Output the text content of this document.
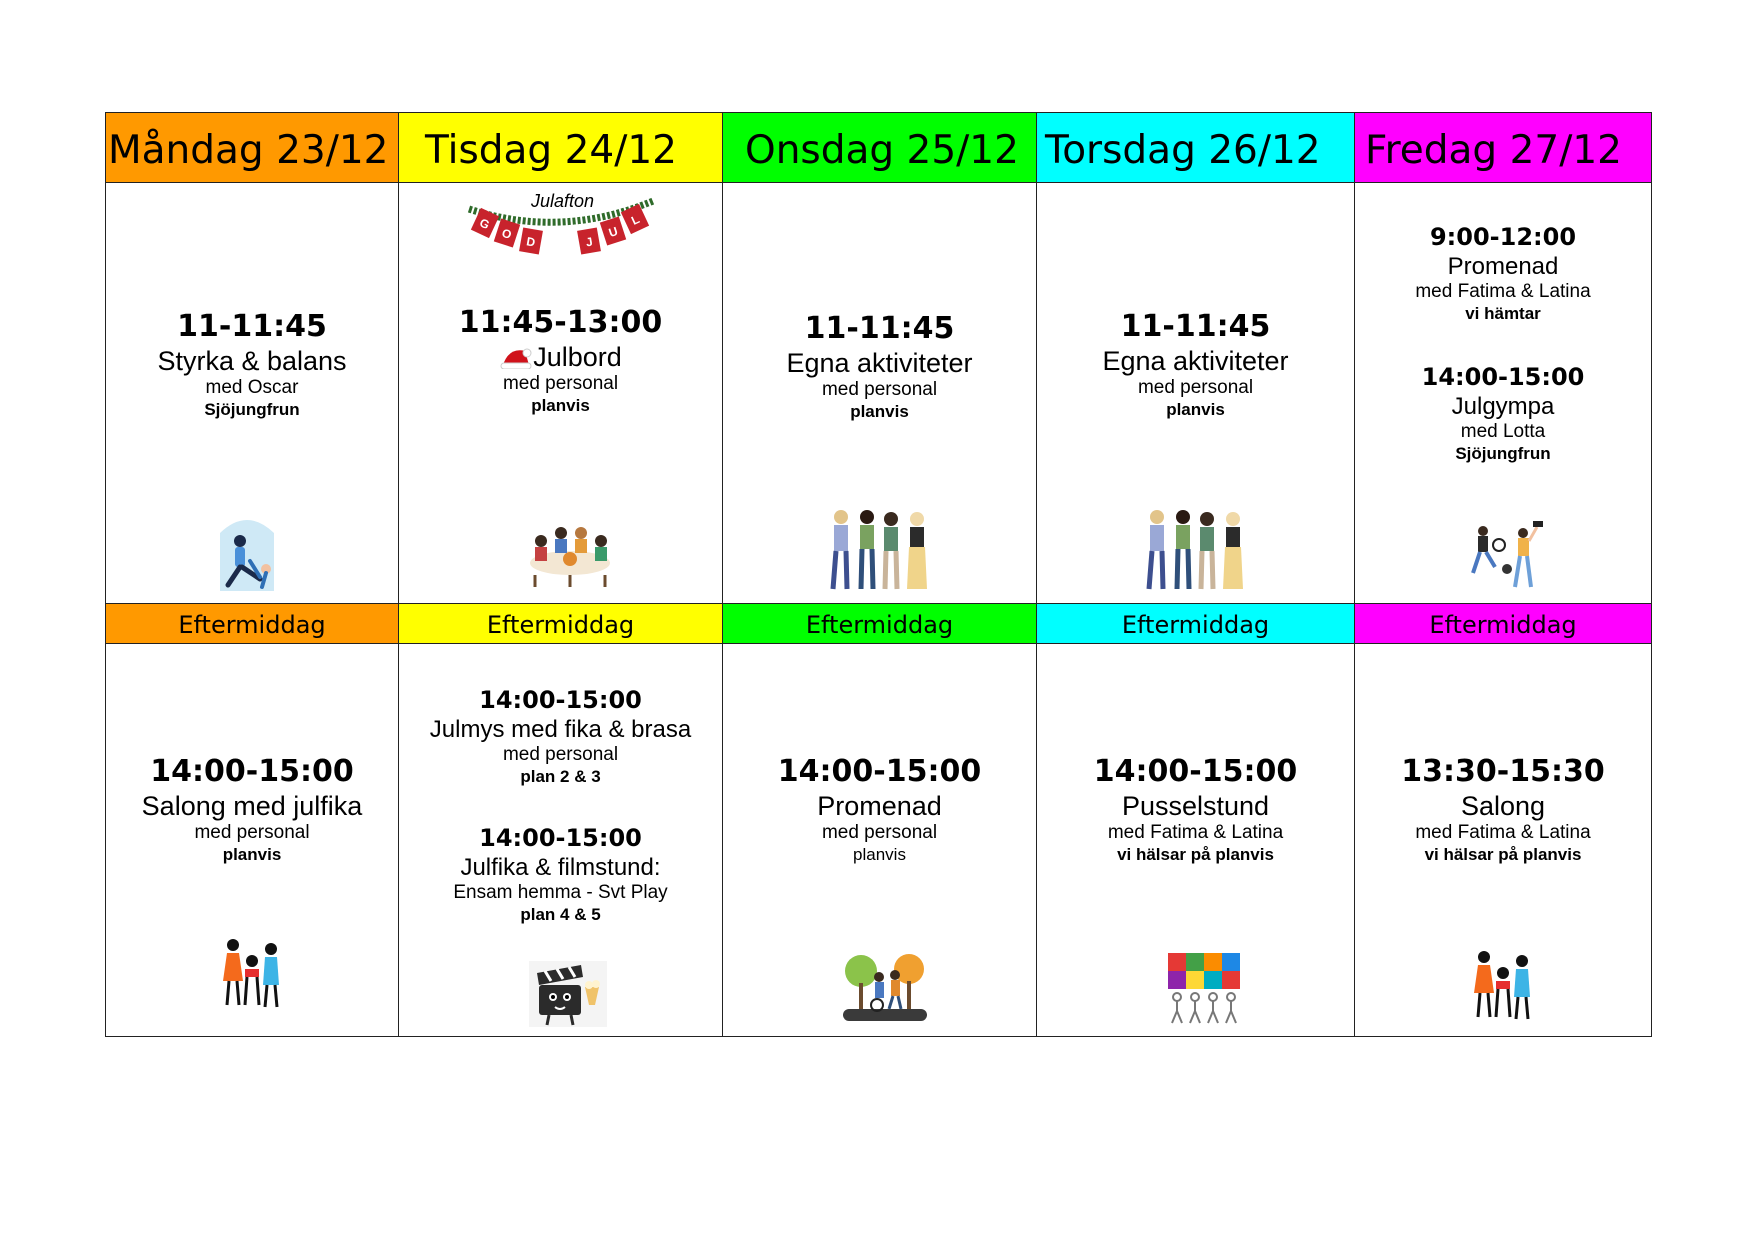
Måndag 23/12
11-11:45
Styrka & balans
med Oscar
Sjöjungfrun
Eftermiddag
14:00-15:00
Salong med julfika
med personal
planvis
Tisdag 24/12
Julafton
G
O D	J
U
L
11:45-13:00
Julbord
med personal
planvis
Eftermiddag
14:00-15:00
Julmys med fika & brasa
med personal
plan 2 & 3
14:00-15:00
Julfika & filmstund:
Ensam hemma - Svt Play
plan 4 & 5
Onsdag 25/12
11-11:45
Egna aktiviteter
med personal
planvis
Eftermiddag
14:00-15:00
Promenad
med personal
planvis
Torsdag 26/12
11-11:45
Egna aktiviteter
med personal
planvis
Eftermiddag
14:00-15:00
Pusselstund
med Fatima & Latina
vi hälsar på planvis
Fredag 27/12
9:00-12:00
Promenad
med Fatima & Latina
vi hämtar
14:00-15:00
Julgympa
med Lotta
Sjöjungfrun
Eftermiddag
13:30-15:30
Salong
med Fatima & Latina
vi hälsar på planvis
